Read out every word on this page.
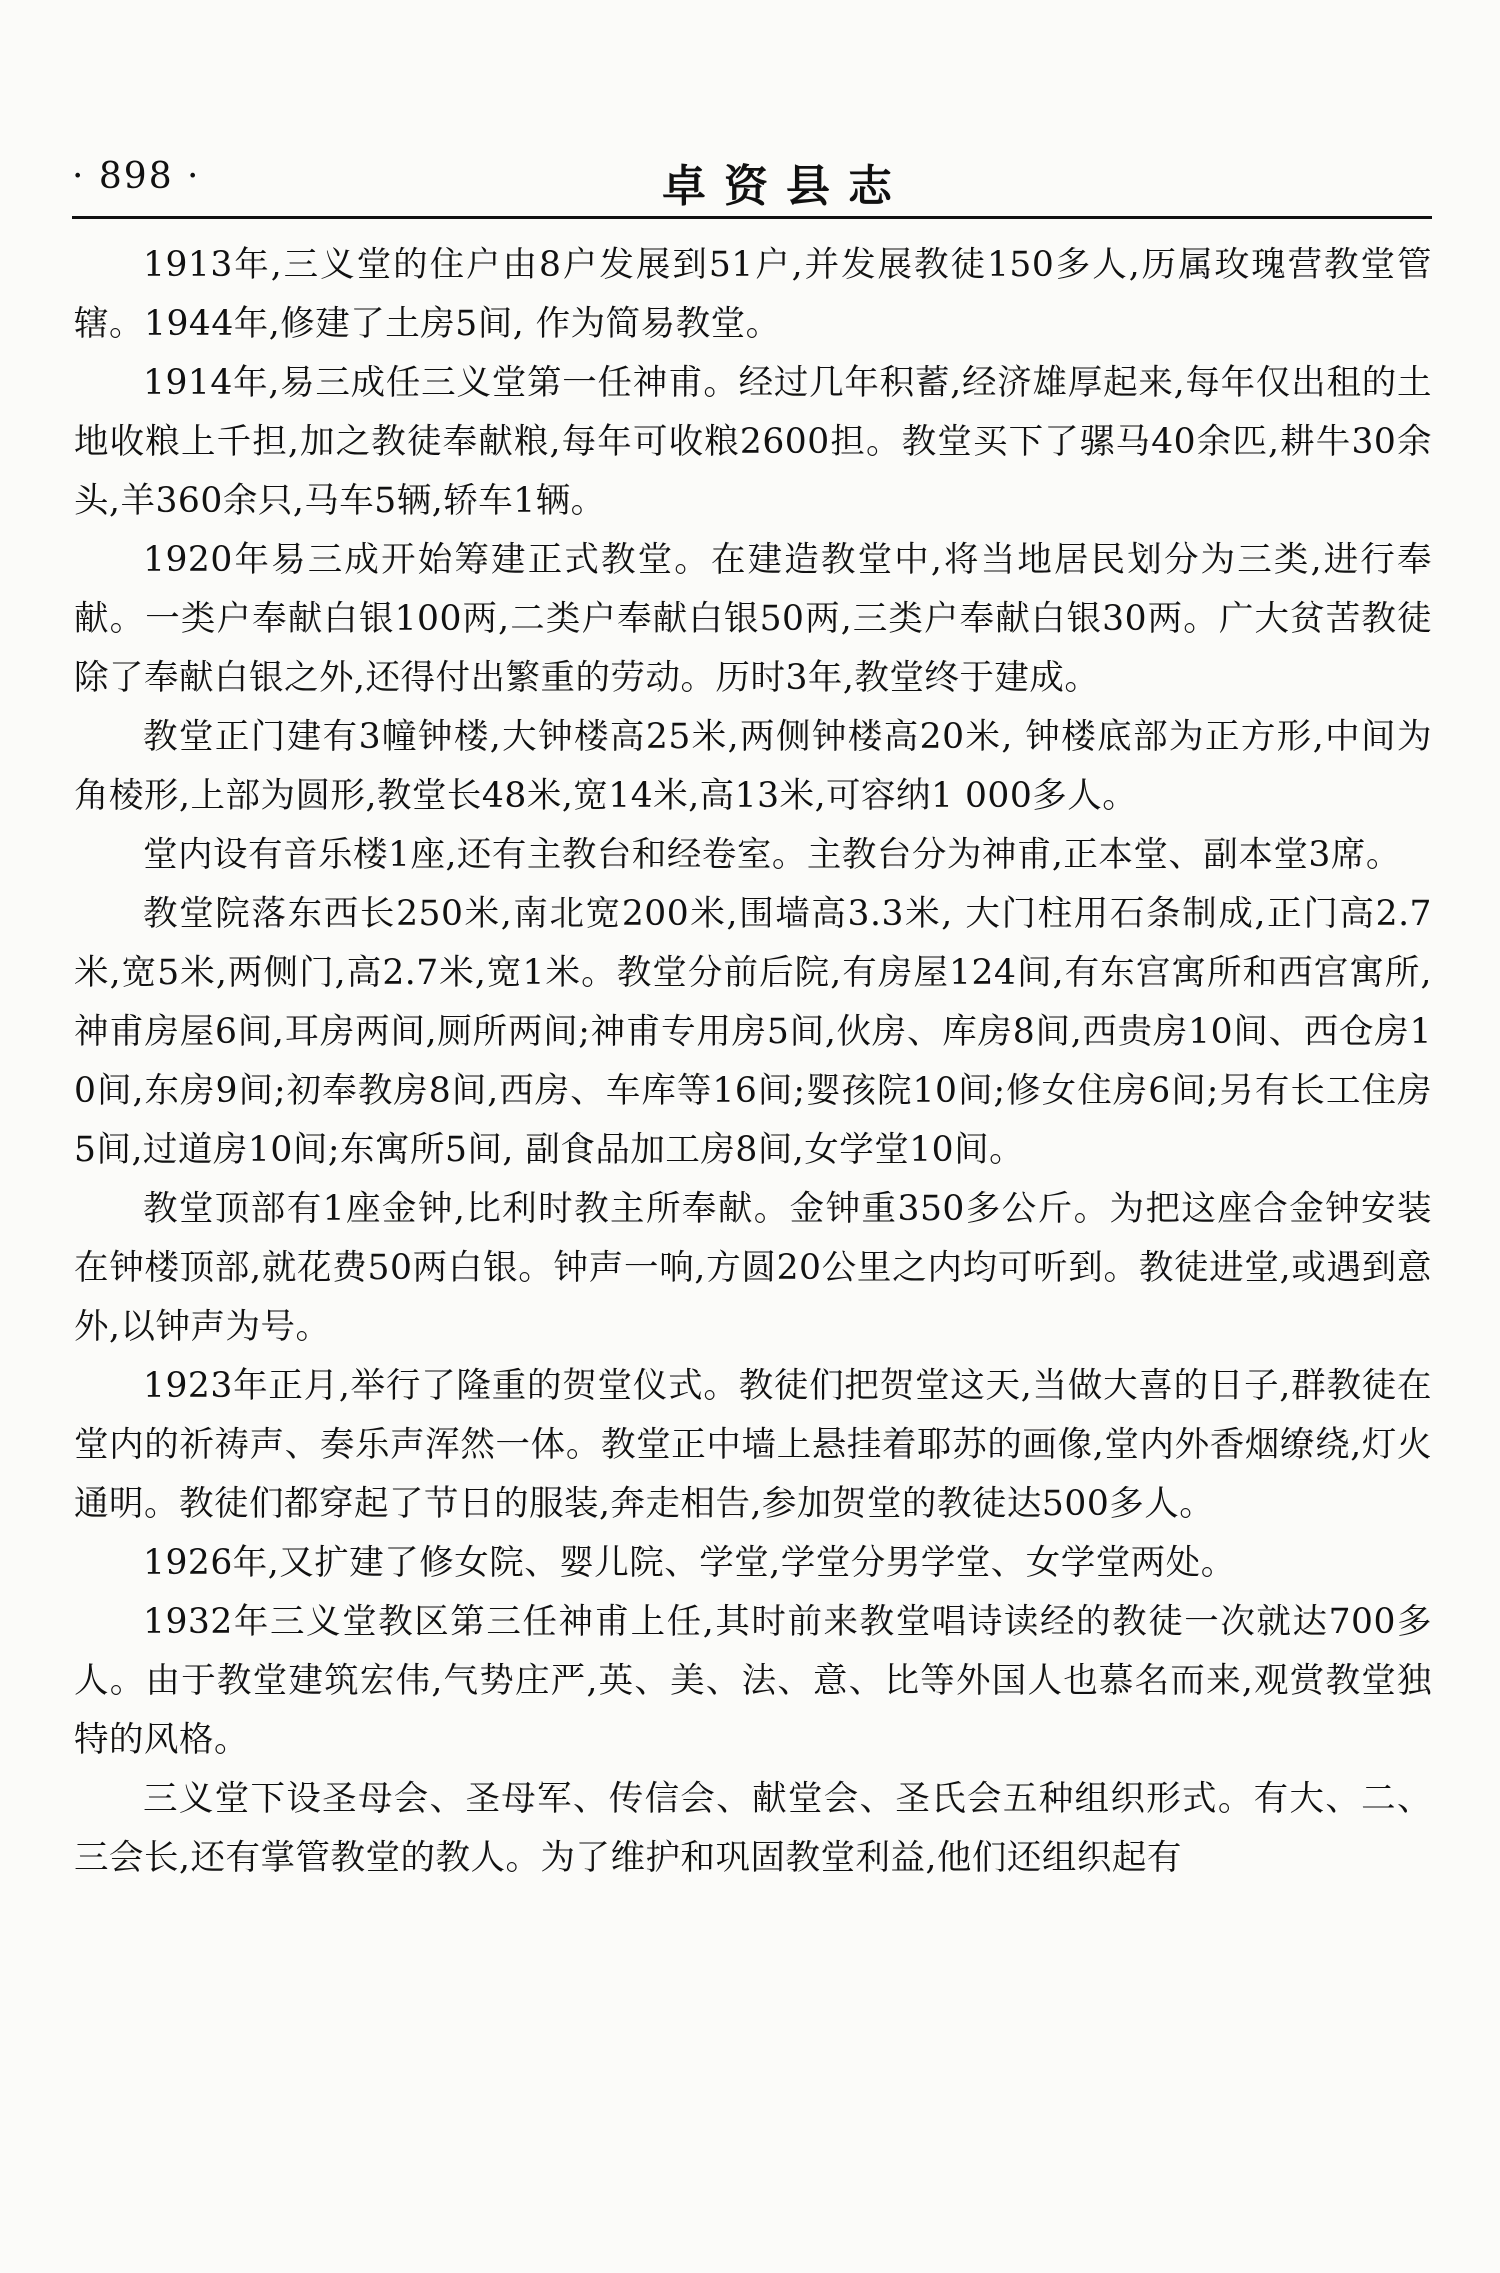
· 898 ·	卓资县志

1913年,三义堂的住户由8户发展到51户,并发展教徒150多人,历属玫瑰营教堂管辖。1944年,修建了土房5间, 作为简易教堂。

1914年,易三成任三义堂第一任神甫。经过几年积蓄,经济雄厚起来,每年仅出租的土地收粮上千担,加之教徒奉献粮,每年可收粮2600担。教堂买下了骡马40余匹,耕牛30余头,羊360余只,马车5辆,轿车1辆。

1920年易三成开始筹建正式教堂。在建造教堂中,将当地居民划分为三类,进行奉献。一类户奉献白银100两,二类户奉献白银50两,三类户奉献白银30两。广大贫苦教徒除了奉献白银之外,还得付出繁重的劳动。历时3年,教堂终于建成。

教堂正门建有3幢钟楼,大钟楼高25米,两侧钟楼高20米, 钟楼底部为正方形,中间为角棱形,上部为圆形,教堂长48米,宽14米,高13米,可容纳1 000多人。

堂内设有音乐楼1座,还有主教台和经卷室。主教台分为神甫,正本堂、副本堂3席。

教堂院落东西长250米,南北宽200米,围墙高3.3米, 大门柱用石条制成,正门高2.7米,宽5米,两侧门,高2.7米,宽1米。教堂分前后院,有房屋124间,有东宫寓所和西宫寓所,神甫房屋6间,耳房两间,厕所两间;神甫专用房5间,伙房、库房8间,西贵房10间、西仓房10间,东房9间;初奉教房8间,西房、车库等16间;婴孩院10间;修女住房6间;另有长工住房5间,过道房10间;东寓所5间, 副食品加工房8间,女学堂10间。

教堂顶部有1座金钟,比利时教主所奉献。金钟重350多公斤。为把这座合金钟安装在钟楼顶部,就花费50两白银。钟声一响,方圆20公里之内均可听到。教徒进堂,或遇到意外,以钟声为号。

1923年正月,举行了隆重的贺堂仪式。教徒们把贺堂这天,当做大喜的日子,群教徒在堂内的祈祷声、奏乐声浑然一体。教堂正中墙上悬挂着耶苏的画像,堂内外香烟缭绕,灯火通明。教徒们都穿起了节日的服装,奔走相告,参加贺堂的教徒达500多人。

1926年,又扩建了修女院、婴儿院、学堂,学堂分男学堂、女学堂两处。

1932年三义堂教区第三任神甫上任,其时前来教堂唱诗读经的教徒一次就达700多人。由于教堂建筑宏伟,气势庄严,英、美、法、意、比等外国人也慕名而来,观赏教堂独特的风格。

三义堂下设圣母会、圣母军、传信会、献堂会、圣氏会五种组织形式。有大、二、三会长,还有掌管教堂的教人。为了维护和巩固教堂利益,他们还组织起有
